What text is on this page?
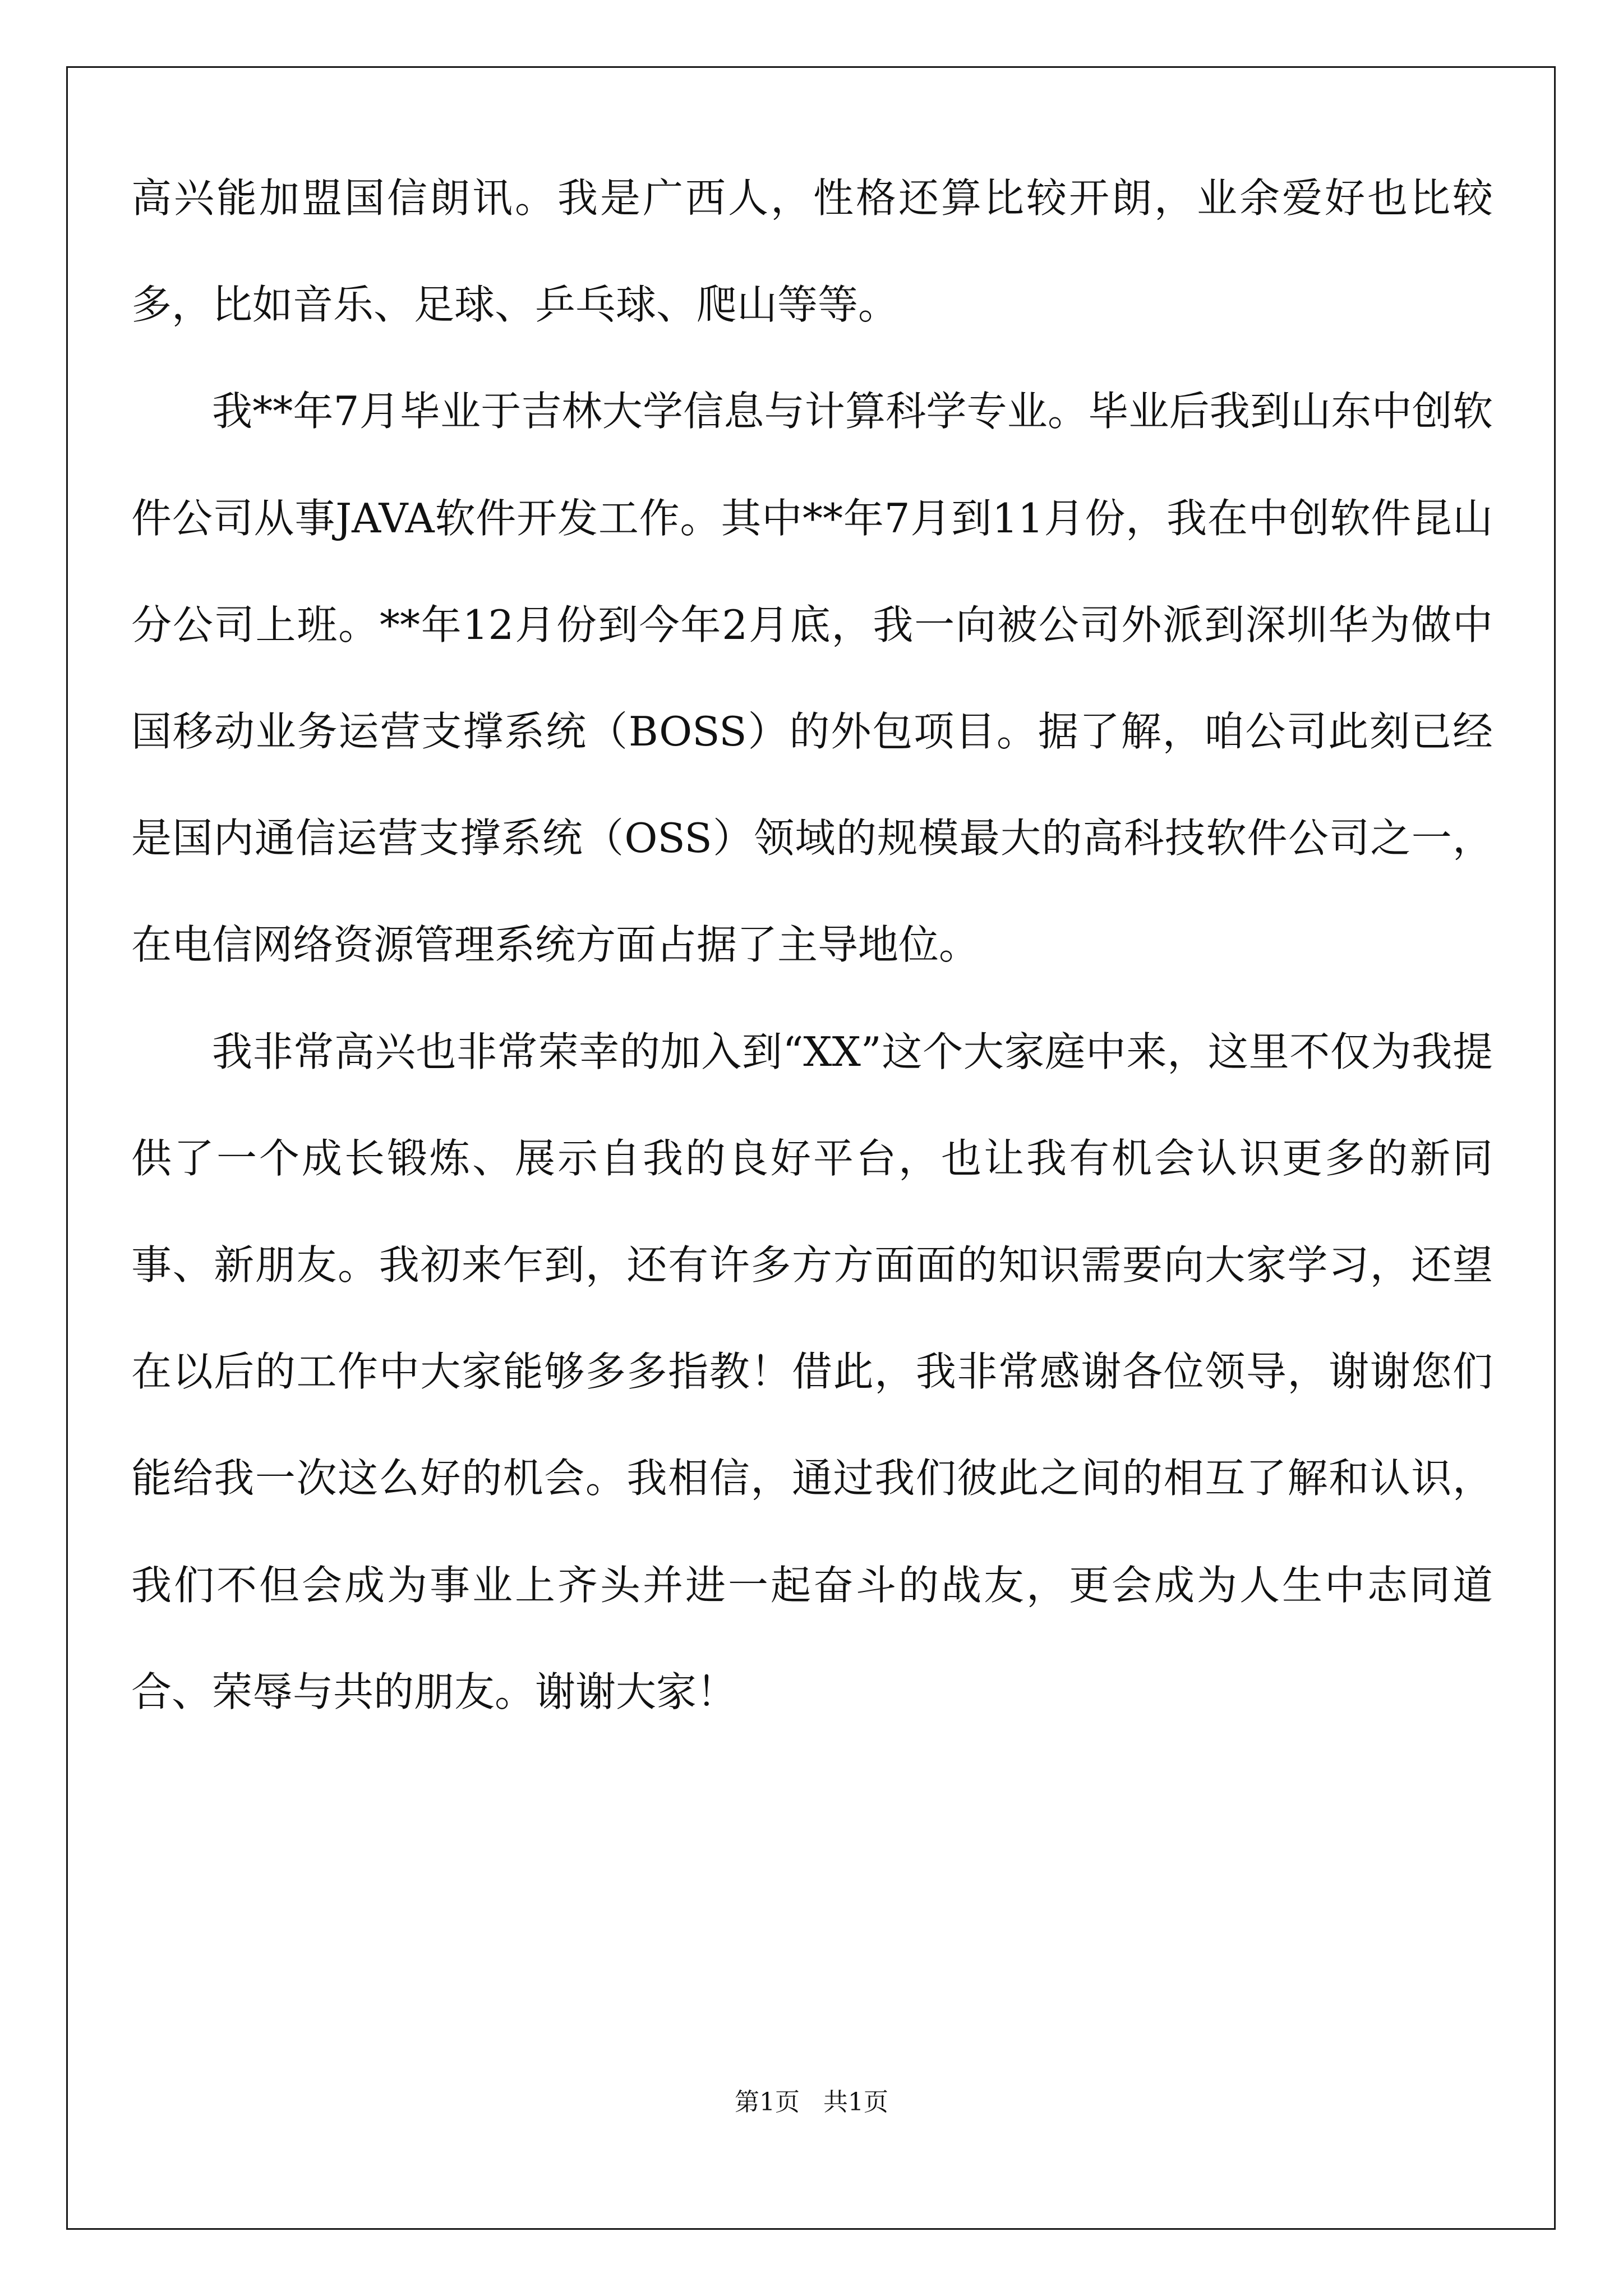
高兴能加盟国信朗讯。我是广西人，性格还算比较开朗，业余爱好也比较多，比如音乐、足球、乒乓球、爬山等等。

我**年7月毕业于吉林大学信息与计算科学专业。毕业后我到山东中创软件公司从事JAVA软件开发工作。其中**年7月到11月份，我在中创软件昆山分公司上班。**年12月份到今年2月底，我一向被公司外派到深圳华为做中国移动业务运营支撑系统（BOSS）的外包项目。据了解，咱公司此刻已经是国内通信运营支撑系统（OSS）领域的规模最大的高科技软件公司之一，在电信网络资源管理系统方面占据了主导地位。

我非常高兴也非常荣幸的加入到“XX”这个大家庭中来，这里不仅为我提供了一个成长锻炼、展示自我的良好平台，也让我有机会认识更多的新同事、新朋友。我初来乍到，还有许多方方面面的知识需要向大家学习，还望在以后的工作中大家能够多多指教！借此，我非常感谢各位领导，谢谢您们能给我一次这么好的机会。我相信，通过我们彼此之间的相互了解和认识，我们不但会成为事业上齐头并进一起奋斗的战友，更会成为人生中志同道合、荣辱与共的朋友。谢谢大家！

第1页   共1页
